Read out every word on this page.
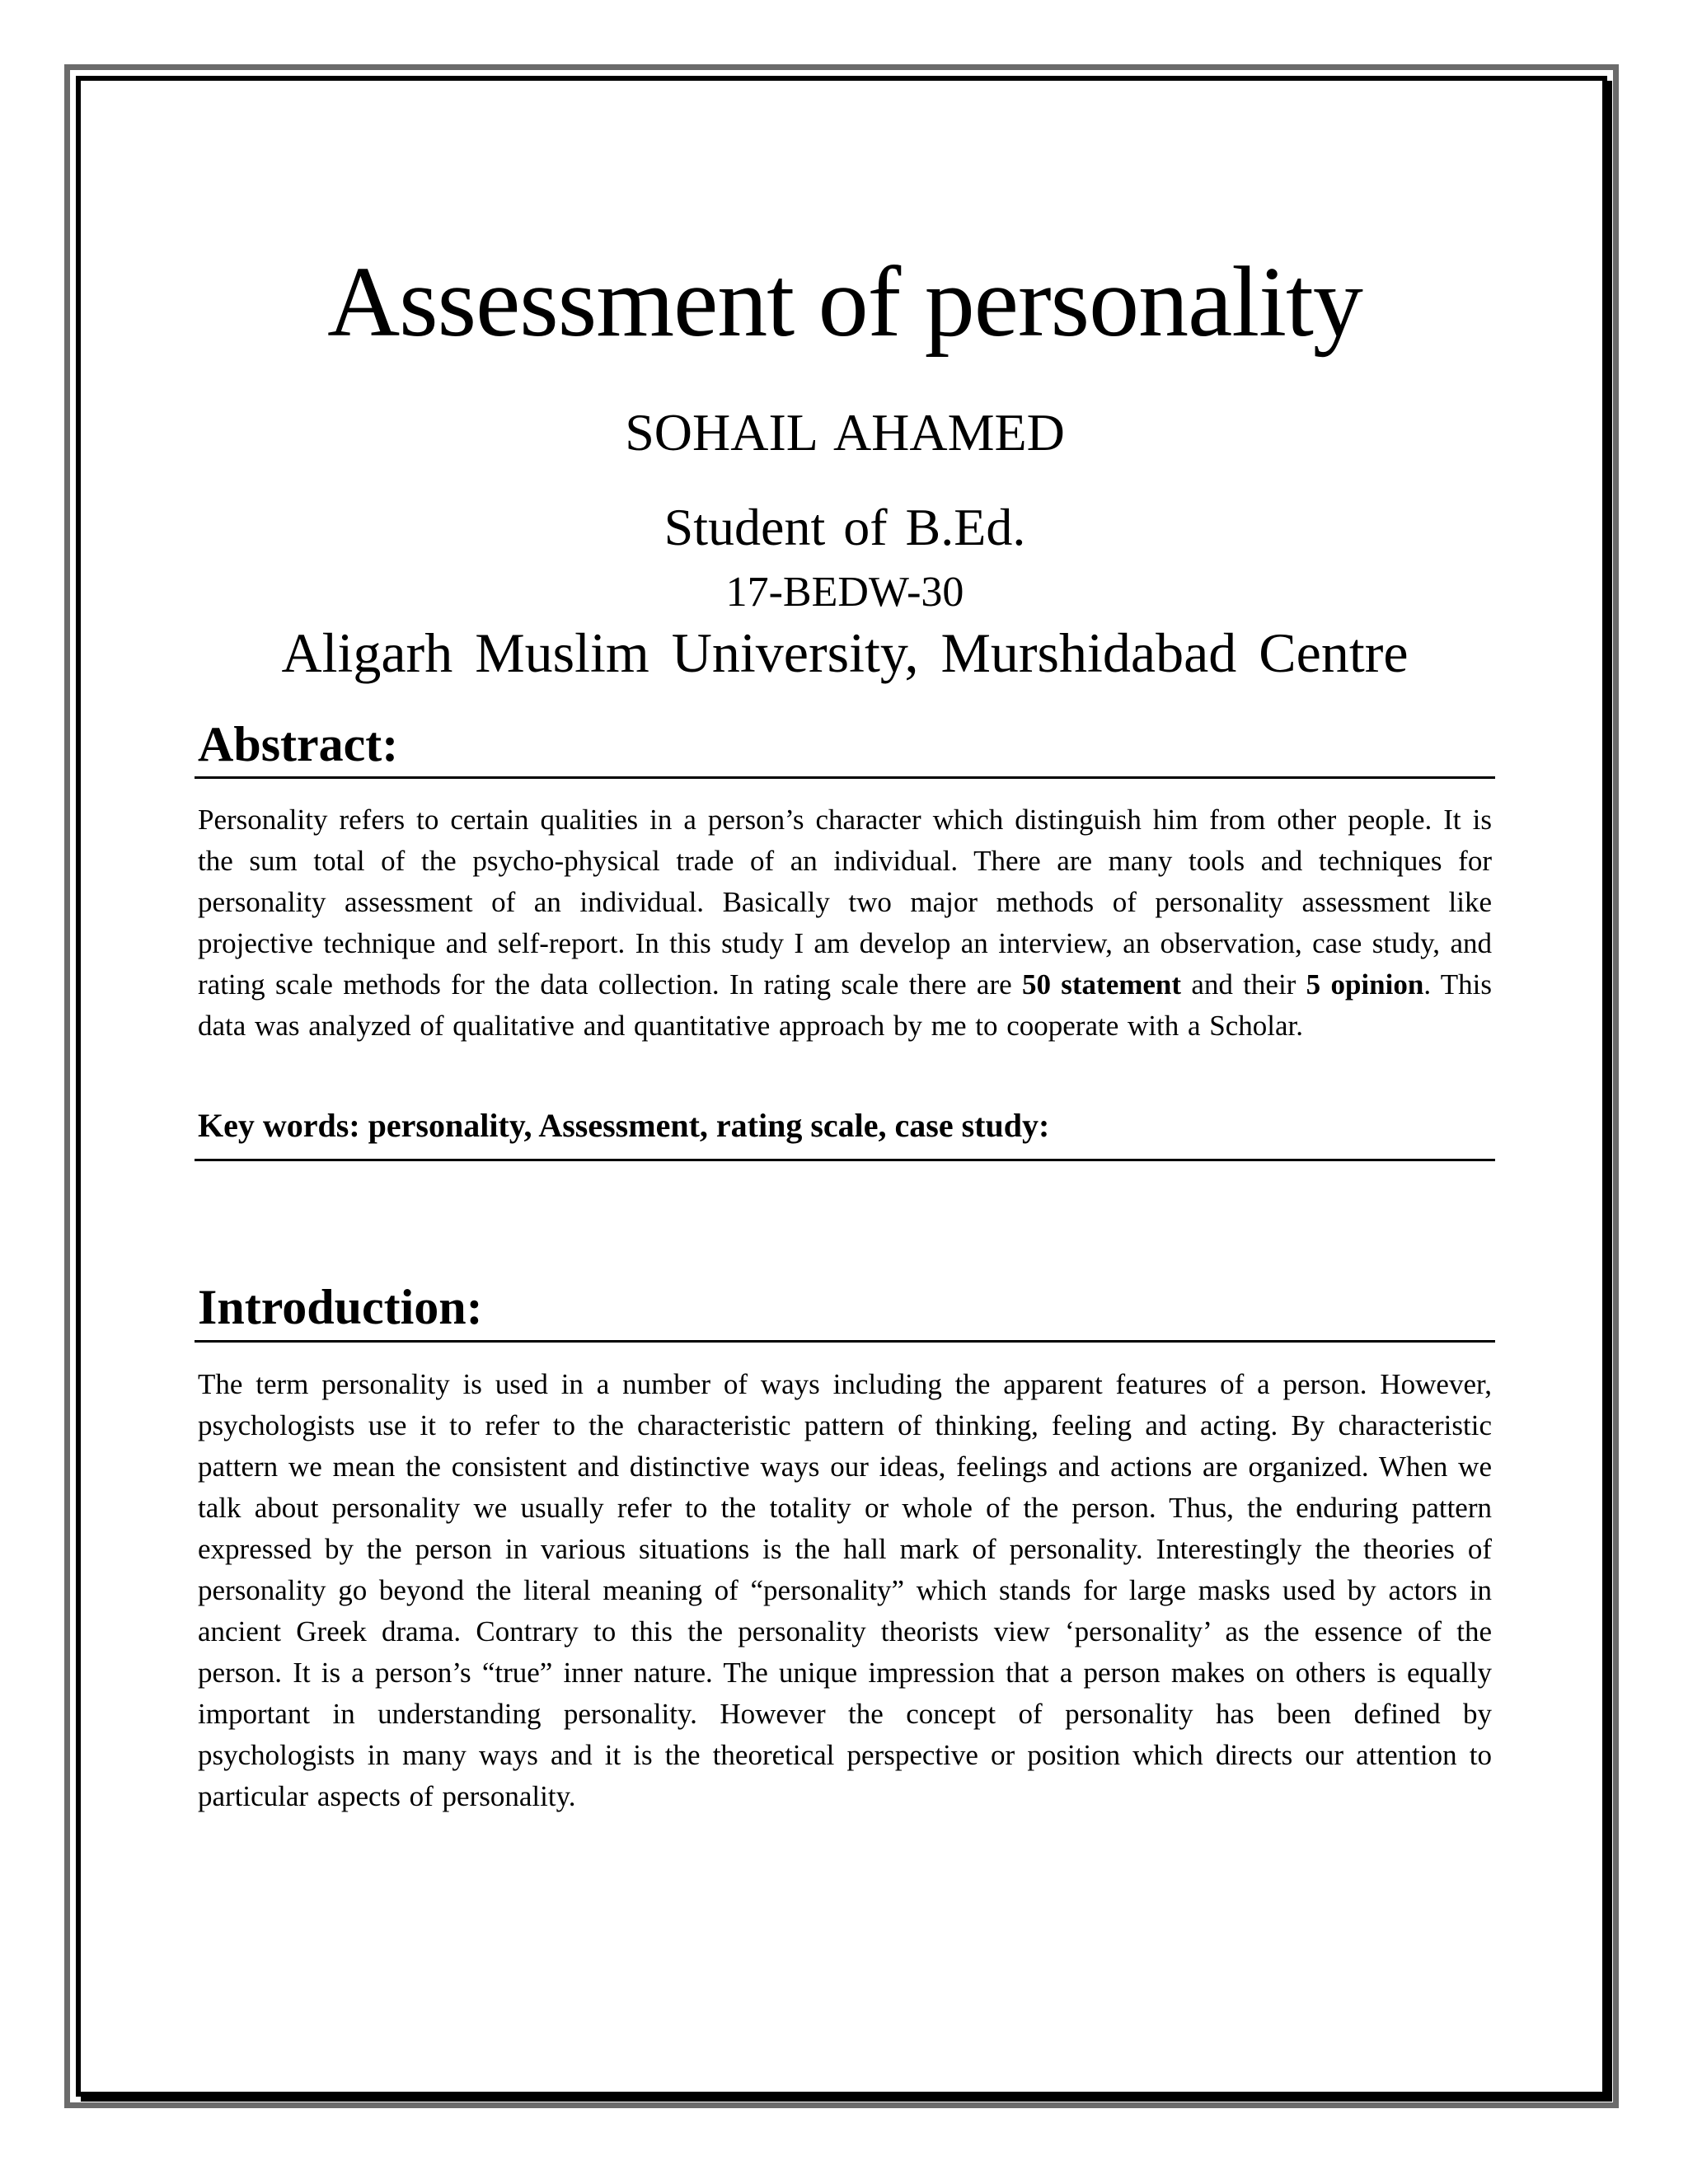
Assessment of personality
SOHAIL AHAMED
Student of B.Ed.
17-BEDW-30
Aligarh Muslim University, Murshidabad Centre
Abstract:
Personality refers to certain qualities in a person’s character which distinguish him from other people. It is the sum total of the psycho-physical trade of an individual. There are many tools and techniques for personality assessment of an individual. Basically two major methods of personality assessment like projective technique and self-report. In this study I am develop an interview, an observation, case study, and rating scale methods for the data collection. In rating scale there are 50 statement and their 5 opinion. This data was analyzed of qualitative and quantitative approach by me to cooperate with a Scholar.
Key words: personality, Assessment, rating scale, case study:
Introduction:
The term personality is used in a number of ways including the apparent features of a person. However, psychologists use it to refer to the characteristic pattern of thinking, feeling and acting. By characteristic pattern we mean the consistent and distinctive ways our ideas, feelings and actions are organized. When we talk about personality we usually refer to the totality or whole of the person. Thus, the enduring pattern expressed by the person in various situations is the hall mark of personality. Interestingly the theories of personality go beyond the literal meaning of “personality” which stands for large masks used by actors in ancient Greek drama. Contrary to this the personality theorists view ‘personality’ as the essence of the person. It is a person’s “true” inner nature. The unique impression that a person makes on others is equally important in understanding personality. However the concept of personality has been defined by psychologists in many ways and it is the theoretical perspective or position which directs our attention to particular aspects of personality.
